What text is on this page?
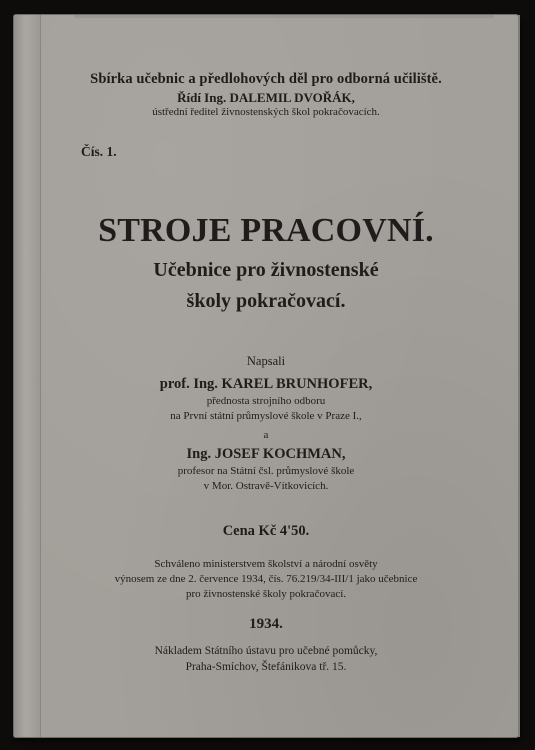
Sbírka učebnic a předlohových děl pro odborná učiliště.
Řídí Ing. DALEMIL DVOŘÁK,
ústřední ředitel živnostenských škol pokračovacích.
Čís. 1.
STROJE PRACOVNÍ.
Učebnice pro živnostenské
školy pokračovací.
Napsali
prof. Ing. KAREL BRUNHOFER,
přednosta strojního odboru
na První státní průmyslové škole v Praze I.,
a
Ing. JOSEF KOCHMAN,
profesor na Státní čsl. průmyslové škole
v Mor. Ostravě-Vítkovicích.
Cena Kč 4'50.
Schváleno ministerstvem školství a národní osvěty
výnosem ze dne 2. července 1934, čís. 76.219/34-III/1 jako učebnice
pro živnostenské školy pokračovací.
1934.
Nákladem Státního ústavu pro učebné pomůcky,
Praha-Smíchov, Štefánikova tř. 15.
